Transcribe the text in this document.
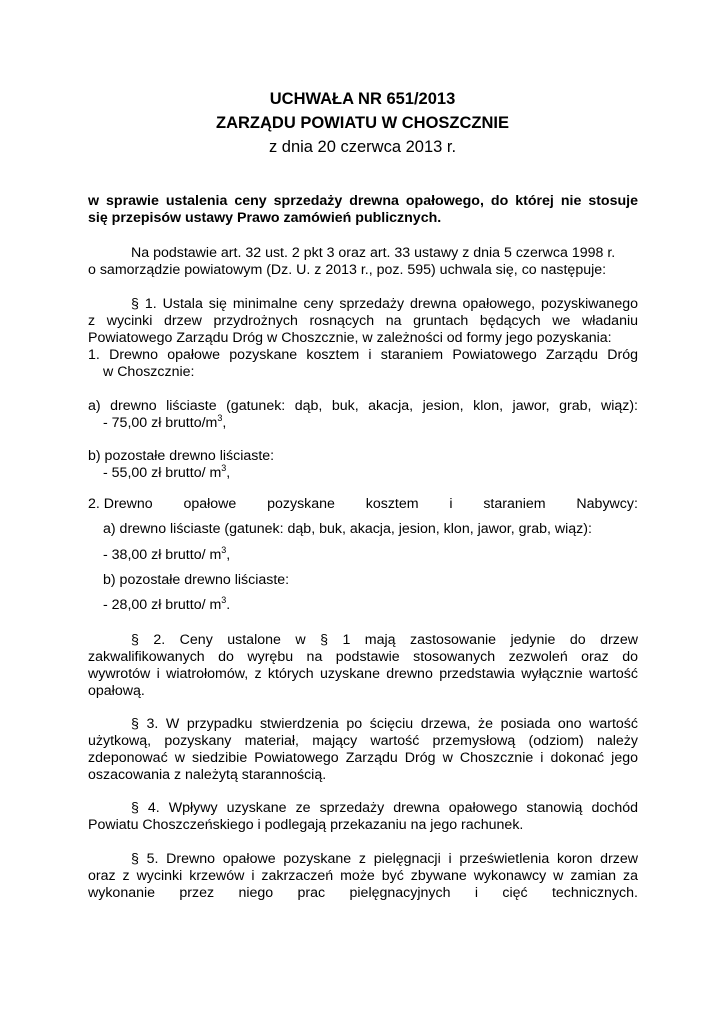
UCHWAŁA NR 651/2013
ZARZĄDU POWIATU W CHOSZCZNIE
z dnia 20 czerwca 2013 r.
w sprawie ustalenia ceny sprzedaży drewna opałowego, do której nie stosuje
się przepisów ustawy Prawo zamówień publicznych.
Na podstawie art. 32 ust. 2 pkt 3 oraz art. 33 ustawy z dnia 5 czerwca 1998 r.
o samorządzie powiatowym (Dz. U. z 2013 r., poz. 595) uchwala się, co następuje:
§ 1. Ustala się minimalne ceny sprzedaży drewna opałowego, pozyskiwanego
z wycinki drzew przydrożnych rosnących na gruntach będących we władaniu
Powiatowego Zarządu Dróg w Choszcznie, w zależności od formy jego pozyskania:
1. Drewno opałowe pozyskane kosztem i staraniem Powiatowego Zarządu Dróg
w Choszcznie:
a) drewno liściaste (gatunek: dąb, buk, akacja, jesion, klon, jawor, grab, wiąz):
- 75,00 zł brutto/$m^3$,
b) pozostałe drewno liściaste:
- 55,00 zł brutto/ $m^3$,
2. Drewno opałowe pozyskane kosztem i staraniem Nabywcy:
a) drewno liściaste (gatunek: dąb, buk, akacja, jesion, klon, jawor, grab, wiąz):
- 38,00 zł brutto/ $m^3$,
b) pozostałe drewno liściaste:
- 28,00 zł brutto/ $m^3$.
§ 2. Ceny ustalone w § 1 mają zastosowanie jedynie do drzew
zakwalifikowanych do wyrębu na podstawie stosowanych zezwoleń oraz do
wywrotów i wiatrołomów, z których uzyskane drewno przedstawia wyłącznie wartość
opałową.
§ 3. W przypadku stwierdzenia po ścięciu drzewa, że posiada ono wartość
użytkową, pozyskany materiał, mający wartość przemysłową (odziom) należy
zdeponować w siedzibie Powiatowego Zarządu Dróg w Choszcznie i dokonać jego
oszacowania z należytą starannością.
§ 4. Wpływy uzyskane ze sprzedaży drewna opałowego stanowią dochód
Powiatu Choszczeńskiego i podlegają przekazaniu na jego rachunek.
§ 5. Drewno opałowe pozyskane z pielęgnacji i prześwietlenia koron drzew
oraz z wycinki krzewów i zakrzaczeń może być zbywane wykonawcy w zamian za
wykonanie przez niego prac pielęgnacyjnych i cięć technicznych.
